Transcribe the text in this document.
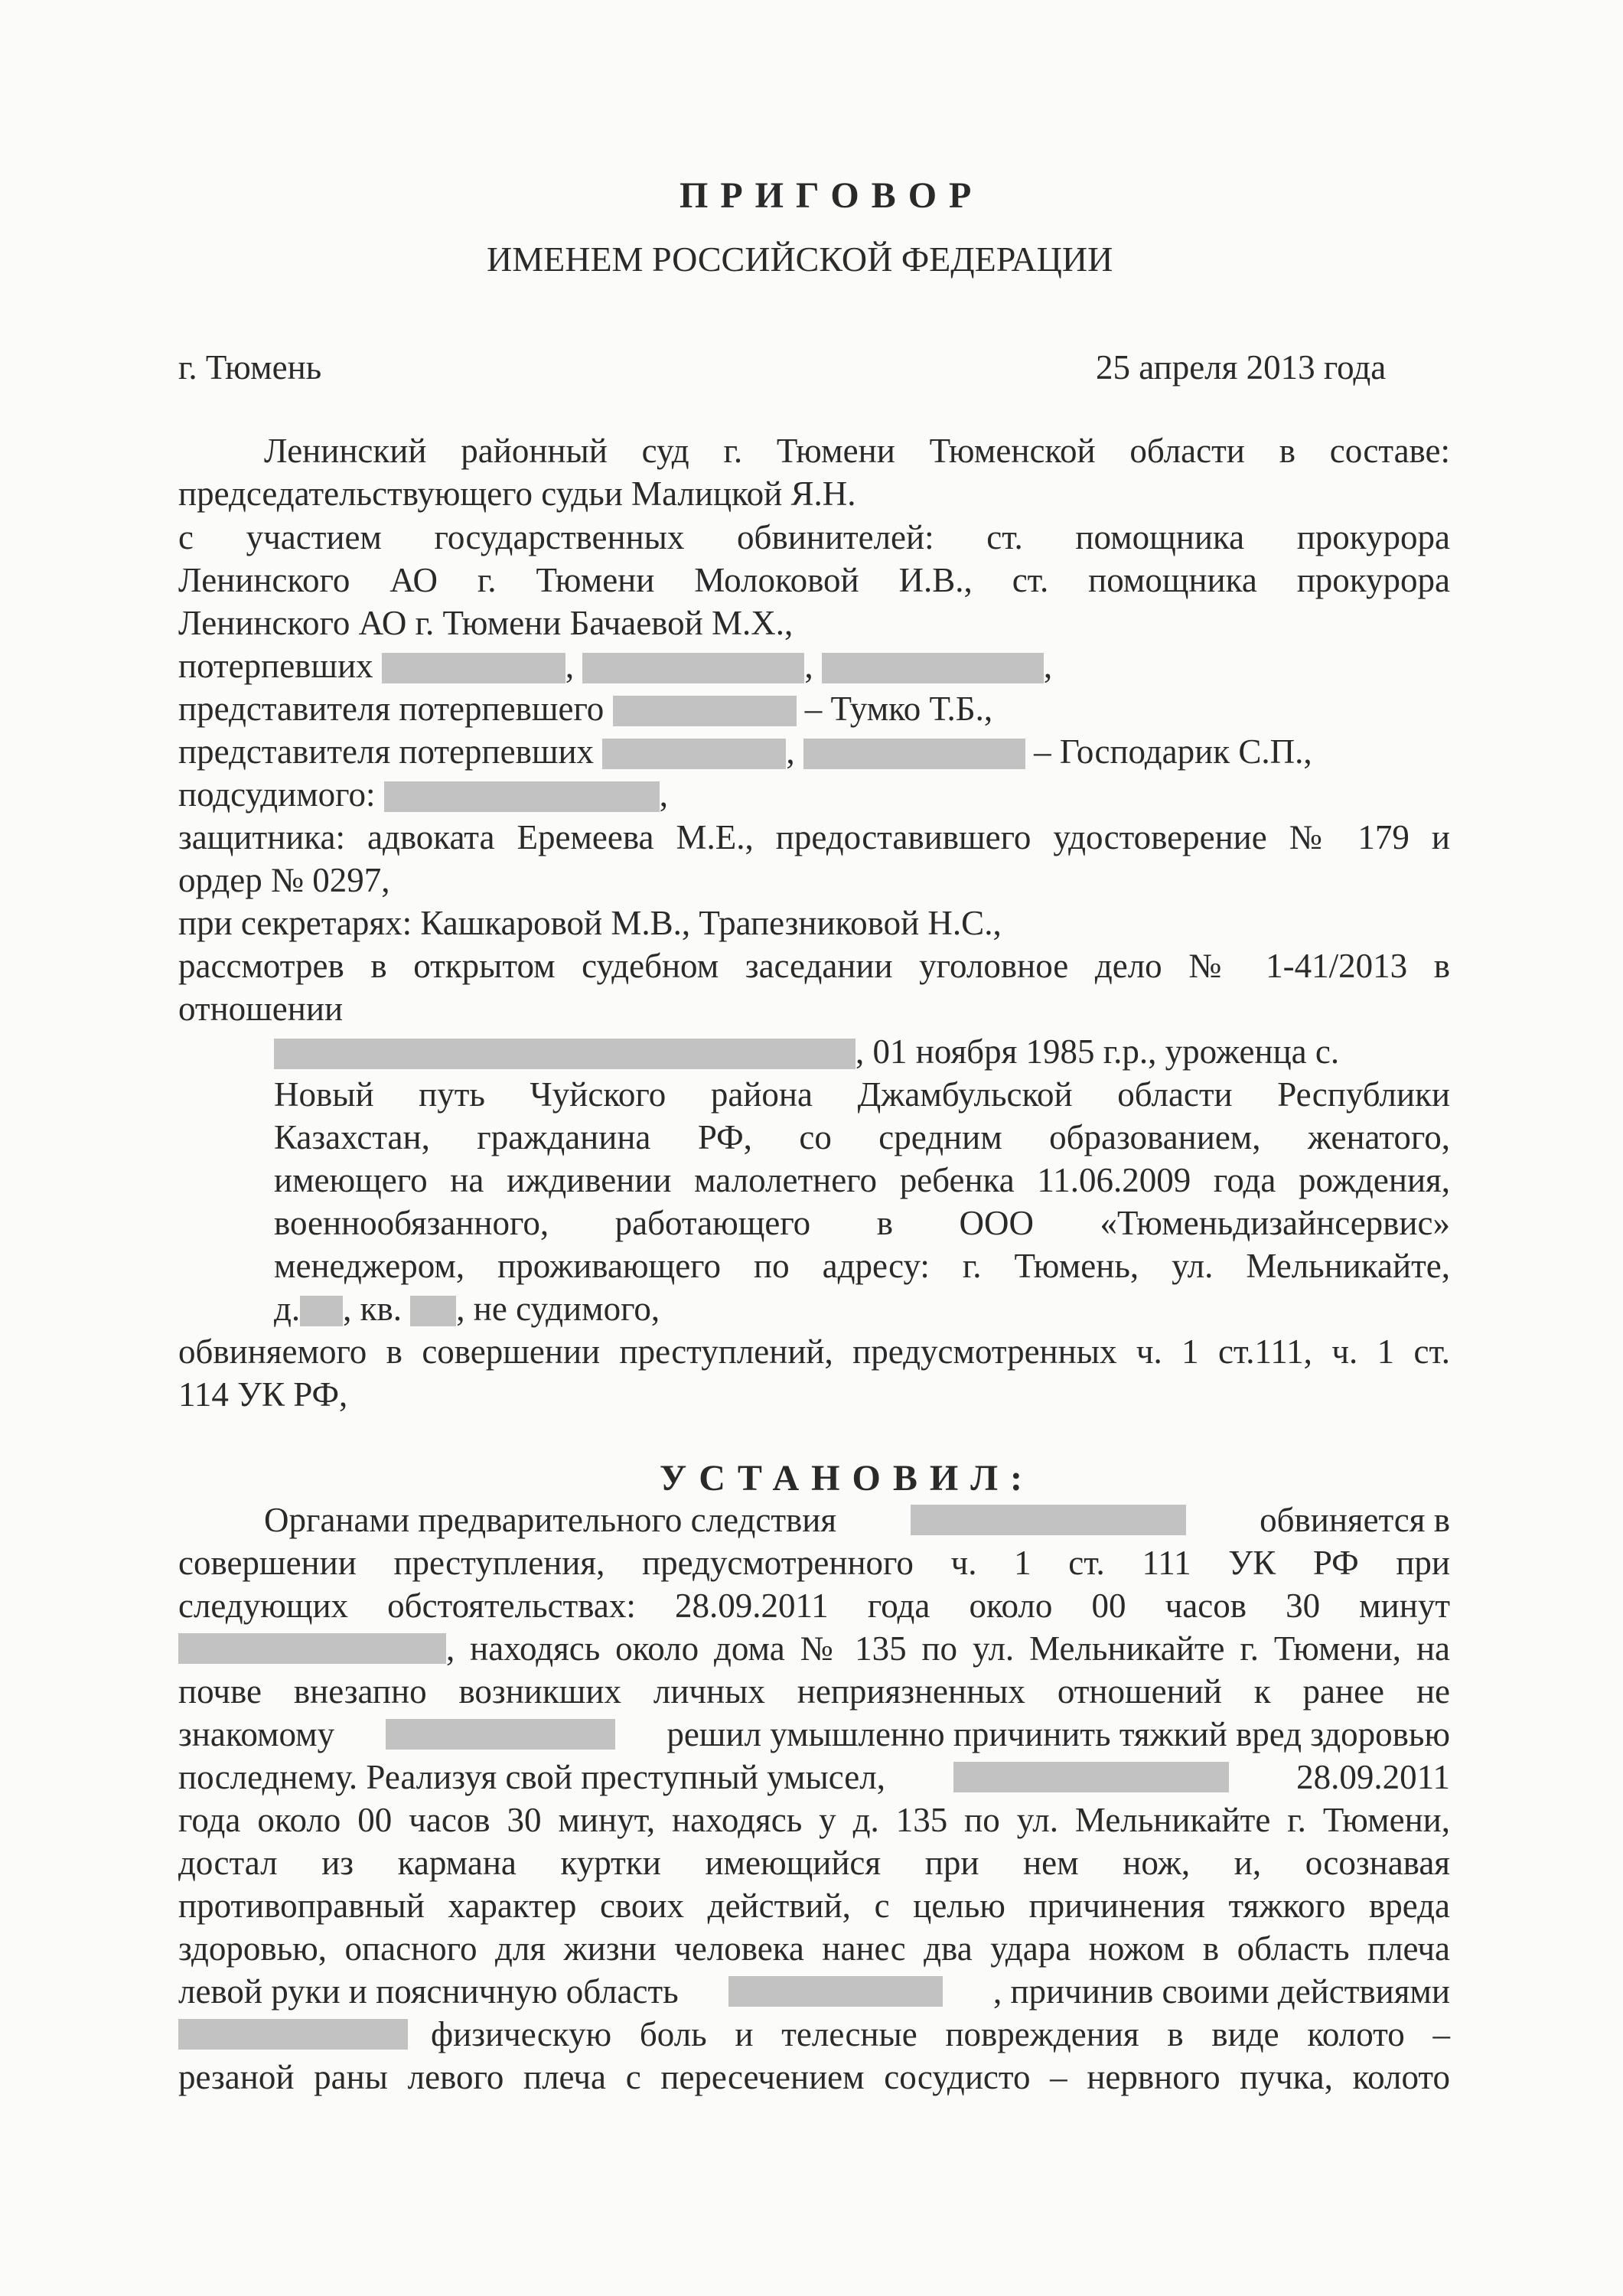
ПРИГОВОР
ИМЕНЕМ РОССИЙСКОЙ ФЕДЕРАЦИИ
г. Тюмень	25 апреля 2013 года
Ленинский районный суд г. Тюмени Тюменской области в составе:
председательствующего судьи Малицкой Я.Н.
с участием государственных обвинителей: ст. помощника прокурора
Ленинского АО г. Тюмени Молоковой И.В., ст. помощника прокурора
Ленинского АО г. Тюмени Бачаевой М.Х.,
потерпевших	,	,	,
представителя потерпевшего	– Тумко Т.Б.,
представителя потерпевших	,	– Господарик С.П.,
подсудимого:	,
защитника: адвоката Еремеева М.Е., предоставившего удостоверение № 179 и
ордер № 0297,
при секретарях: Кашкаровой М.В., Трапезниковой Н.С.,
рассмотрев в открытом судебном заседании уголовное дело № 1-41/2013 в
отношении
, 01 ноября 1985 г.р., уроженца с.
Новый путь Чуйского района Джамбульской области Республики
Казахстан, гражданина РФ, со средним образованием, женатого,
имеющего на иждивении малолетнего ребенка 11.06.2009 года рождения,
военнообязанного, работающего в ООО «Тюменьдизайнсервис»
менеджером, проживающего по адресу: г. Тюмень, ул. Мельникайте,
д. , кв. , не судимого,
обвиняемого в совершении преступлений, предусмотренных ч. 1 ст.111, ч. 1 ст.
114 УК РФ,
УСТАНОВИЛ:
Органами предварительного следствия	обвиняется в
совершении преступления, предусмотренного ч. 1 ст. 111 УК РФ при
следующих обстоятельствах: 28.09.2011 года около 00 часов 30 минут
, находясь около дома № 135 по ул. Мельникайте г. Тюмени, на
почве внезапно возникших личных неприязненных отношений к ранее не
знакомому	решил умышленно причинить тяжкий вред здоровью
последнему. Реализуя свой преступный умысел,	28.09.2011
года около 00 часов 30 минут, находясь у д. 135 по ул. Мельникайте г. Тюмени,
достал из кармана куртки имеющийся при нем нож, и, осознавая
противоправный характер своих действий, с целью причинения тяжкого вреда
здоровью, опасного для жизни человека нанес два удара ножом в область плеча
левой руки и поясничную область	, причинив своими действиями
физическую боль и телесные повреждения в виде колото –
резаной раны левого плеча с пересечением сосудисто – нервного пучка, колото
